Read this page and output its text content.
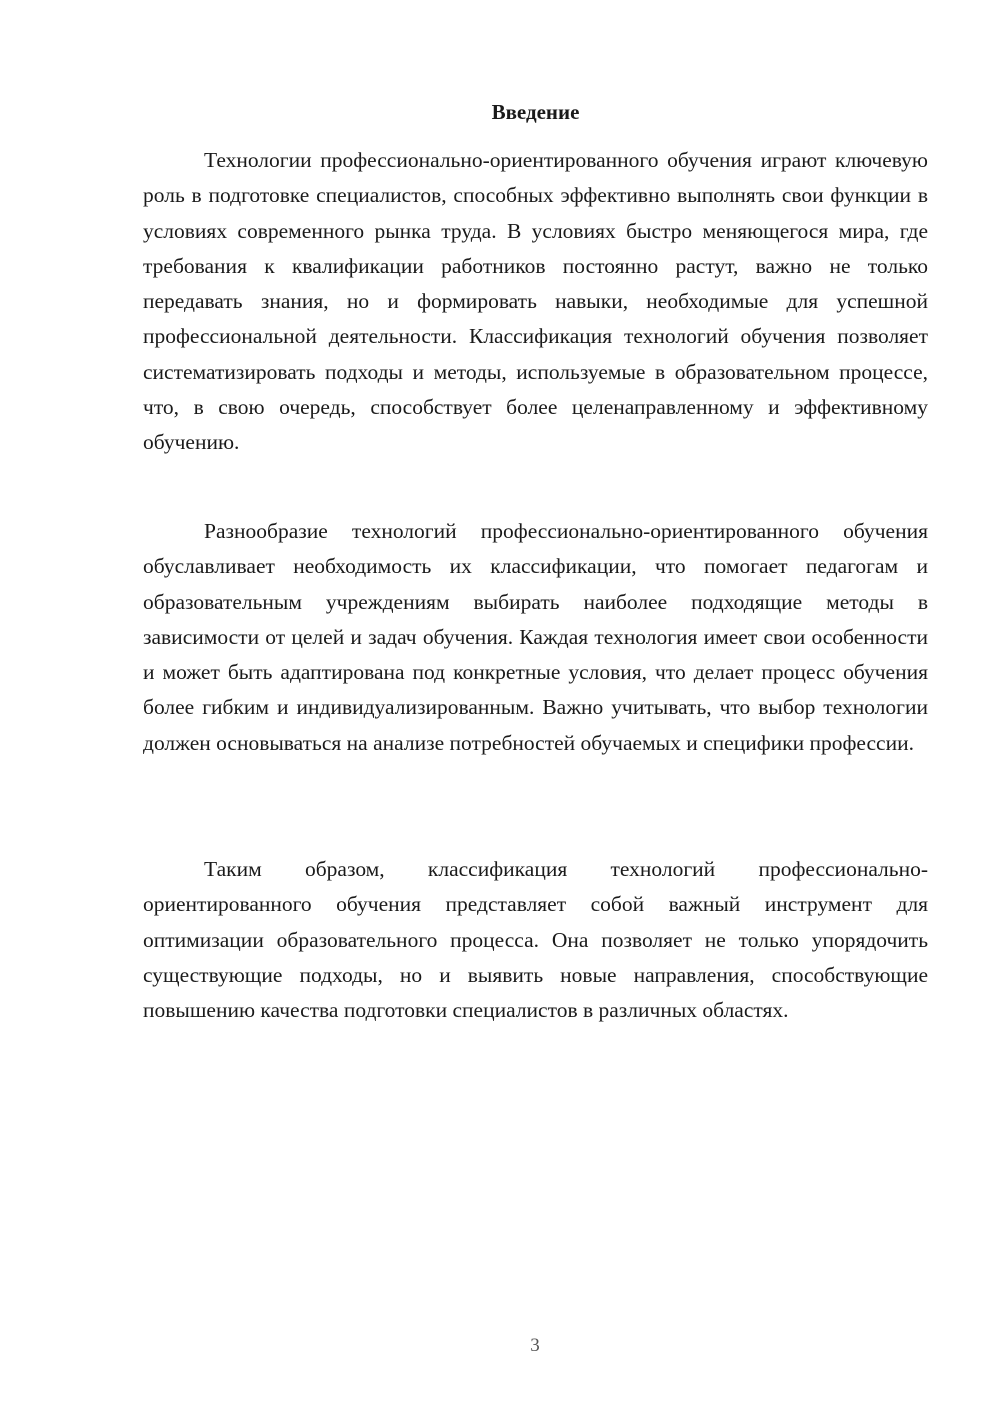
Введение

Технологии профессионально-ориентированного обучения играют ключевую роль в подготовке специалистов, способных эффективно выполнять свои функции в условиях современного рынка труда. В условиях быстро меняющегося мира, где требования к квалификации работников постоянно растут, важно не только передавать знания, но и формировать навыки, необходимые для успешной профессиональной деятельности. Классификация технологий обучения позволяет систематизировать подходы и методы, используемые в образовательном процессе, что, в свою очередь, способствует более целенаправленному и эффективному обучению.

Разнообразие технологий профессионально-ориентированного обучения обуславливает необходимость их классификации, что помогает педагогам и образовательным учреждениям выбирать наиболее подходящие методы в зависимости от целей и задач обучения. Каждая технология имеет свои особенности и может быть адаптирована под конкретные условия, что делает процесс обучения более гибким и индивидуализированным. Важно учитывать, что выбор технологии должен основываться на анализе потребностей обучаемых и специфики профессии.

Таким образом, классификация технологий профессионально-ориентированного обучения представляет собой важный инструмент для оптимизации образовательного процесса. Она позволяет не только упорядочить существующие подходы, но и выявить новые направления, способствующие повышению качества подготовки специалистов в различных областях.

3
